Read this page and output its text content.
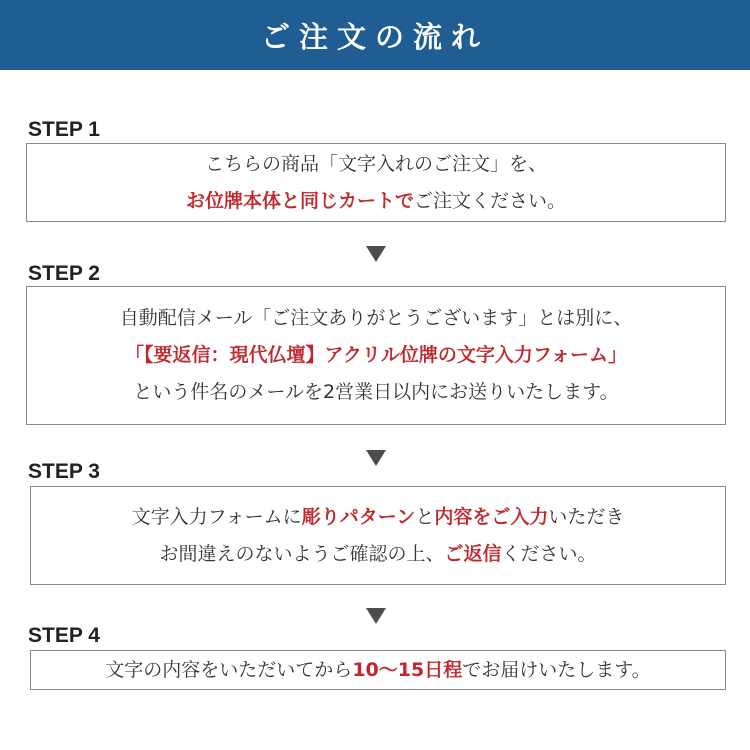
ご注文の流れ
STEP 1
こちらの商品「文字入れのご注文」を、
お位牌本体と同じカートでご注文ください。
STEP 2
自動配信メール「ご注文ありがとうございます」とは別に、
「【要返信：現代仏壇】アクリル位牌の文字入力フォーム」
という件名のメールを2営業日以内にお送りいたします。
STEP 3
文字入力フォームに彫りパターンと内容をご入力いただき
お間違えのないようご確認の上、ご返信ください。
STEP 4
文字の内容をいただいてから10〜15日程でお届けいたします。
